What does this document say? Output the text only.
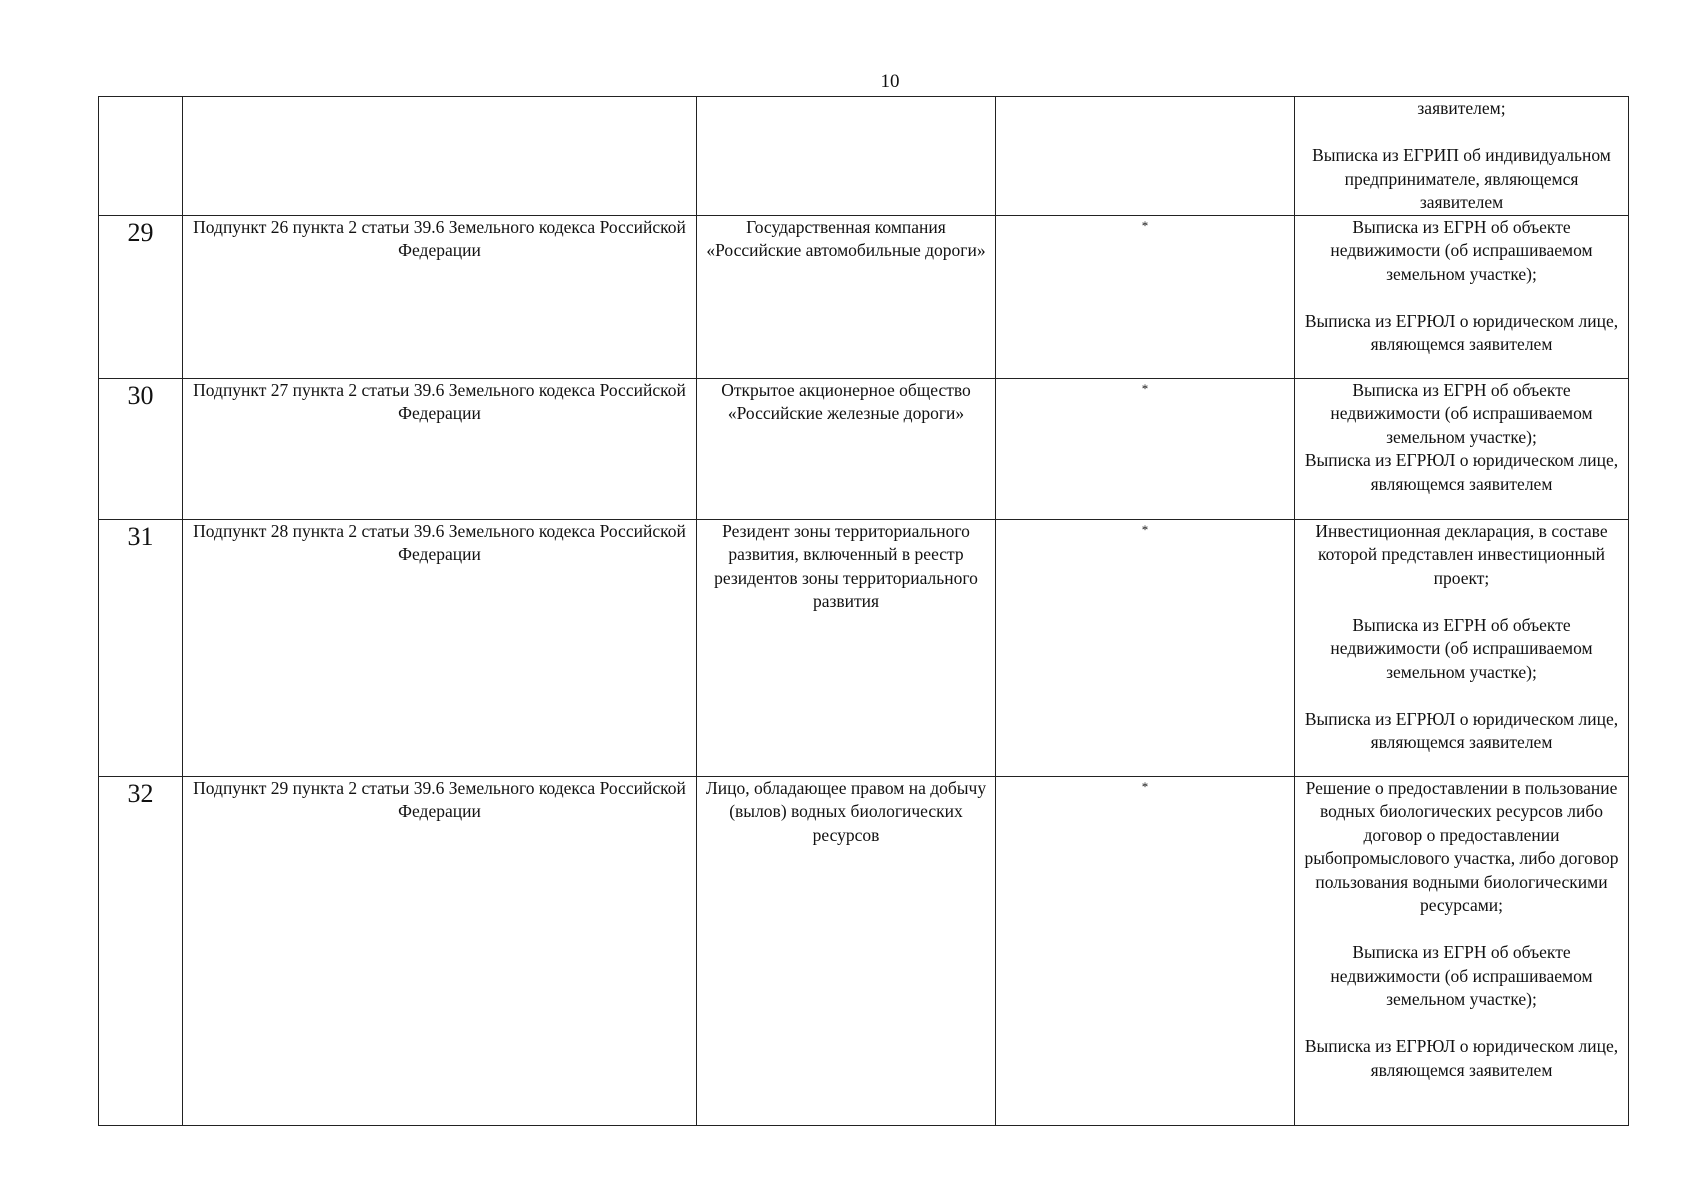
10

				заявителем;
Выписка из ЕГРИП об индивидуальном предпринимателе, являющемся заявителем

29	Подпункт 26 пункта 2 статьи 39.6 Земельного кодекса Российской Федерации	Государственная компания «Российские автомобильные дороги»	*	Выписка из ЕГРН об объекте недвижимости (об испрашиваемом земельном участке);
Выписка из ЕГРЮЛ о юридическом лице, являющемся заявителем

30	Подпункт 27 пункта 2 статьи 39.6 Земельного кодекса Российской Федерации	Открытое акционерное общество «Российские железные дороги»	*	Выписка из ЕГРН об объекте недвижимости (об испрашиваемом земельном участке);
Выписка из ЕГРЮЛ о юридическом лице, являющемся заявителем

31	Подпункт 28 пункта 2 статьи 39.6 Земельного кодекса Российской Федерации	Резидент зоны территориального развития, включенный в реестр резидентов зоны территориального развития	*	Инвестиционная декларация, в составе которой представлен инвестиционный проект;
Выписка из ЕГРН об объекте недвижимости (об испрашиваемом земельном участке);
Выписка из ЕГРЮЛ о юридическом лице, являющемся заявителем

32	Подпункт 29 пункта 2 статьи 39.6 Земельного кодекса Российской Федерации	Лицо, обладающее правом на добычу (вылов) водных биологических ресурсов	*	Решение о предоставлении в пользование водных биологических ресурсов либо договор о предоставлении рыбопромыслового участка, либо договор пользования водными биологическими ресурсами;
Выписка из ЕГРН об объекте недвижимости (об испрашиваемом земельном участке);
Выписка из ЕГРЮЛ о юридическом лице, являющемся заявителем
